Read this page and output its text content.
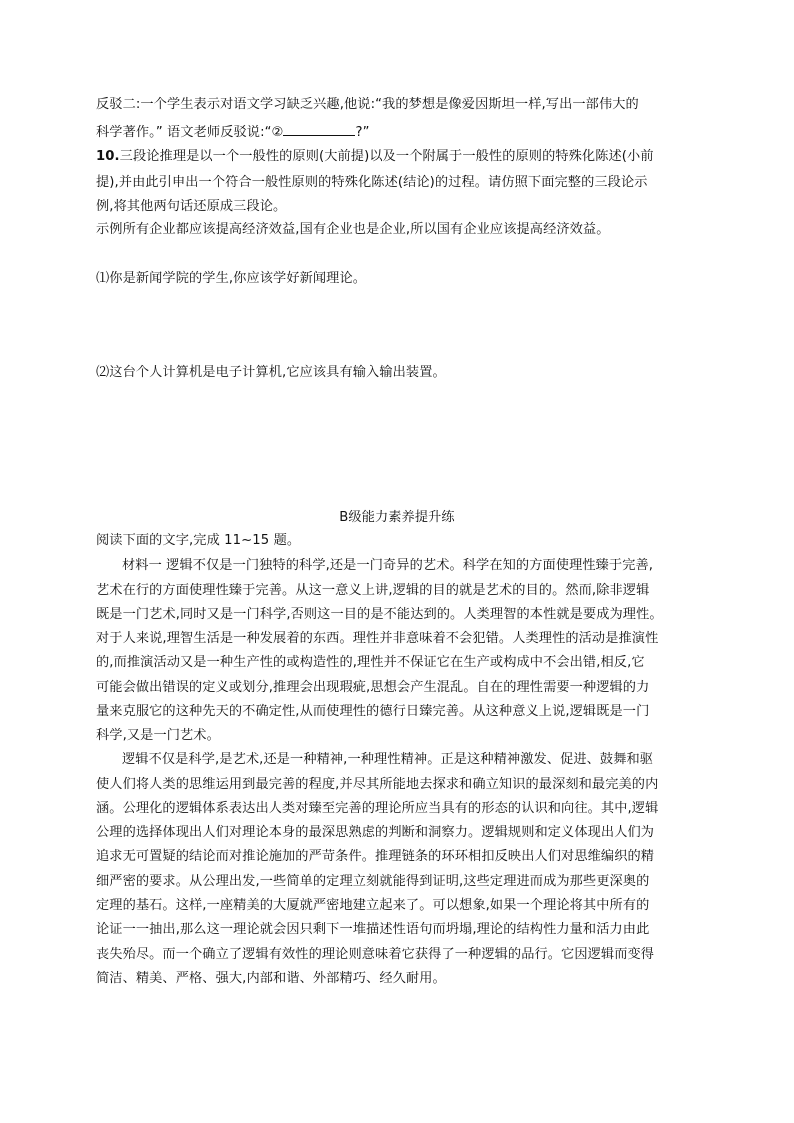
反驳二:一个学生表示对语文学习缺乏兴趣,他说:“我的梦想是像爱因斯坦一样,写出一部伟大的
科学著作。” 语文老师反驳说:“②	?”
10.三段论推理是以一个一般性的原则(大前提)以及一个附属于一般性的原则的特殊化陈述(小前
提),并由此引申出一个符合一般性原则的特殊化陈述(结论)的过程。请仿照下面完整的三段论示
例,将其他两句话还原成三段论。
示例所有企业都应该提高经济效益,国有企业也是企业,所以国有企业应该提高经济效益。
⑴你是新闻学院的学生,你应该学好新闻理论。
⑵这台个人计算机是电子计算机,它应该具有输入输出装置。
B级能力素养提升练
阅读下面的文字,完成 11~15 题。
材料一 逻辑不仅是一门独特的科学,还是一门奇异的艺术。科学在知的方面使理性臻于完善,
艺术在行的方面使理性臻于完善。从这一意义上讲,逻辑的目的就是艺术的目的。然而,除非逻辑
既是一门艺术,同时又是一门科学,否则这一目的是不能达到的。人类理智的本性就是要成为理性。
对于人来说,理智生活是一种发展着的东西。理性并非意味着不会犯错。人类理性的活动是推演性
的,而推演活动又是一种生产性的或构造性的,理性并不保证它在生产或构成中不会出错,相反,它
可能会做出错误的定义或划分,推理会出现瑕疵,思想会产生混乱。自在的理性需要一种逻辑的力
量来克服它的这种先天的不确定性,从而使理性的德行日臻完善。从这种意义上说,逻辑既是一门
科学,又是一门艺术。
逻辑不仅是科学,是艺术,还是一种精神,一种理性精神。正是这种精神激发、促进、鼓舞和驱
使人们将人类的思维运用到最完善的程度,并尽其所能地去探求和确立知识的最深刻和最完美的内
涵。公理化的逻辑体系表达出人类对臻至完善的理论所应当具有的形态的认识和向往。其中,逻辑
公理的选择体现出人们对理论本身的最深思熟虑的判断和洞察力。逻辑规则和定义体现出人们为
追求无可置疑的结论而对推论施加的严苛条件。推理链条的环环相扣反映出人们对思维编织的精
细严密的要求。从公理出发,一些简单的定理立刻就能得到证明,这些定理进而成为那些更深奥的
定理的基石。这样,一座精美的大厦就严密地建立起来了。可以想象,如果一个理论将其中所有的
论证一一抽出,那么这一理论就会因只剩下一堆描述性语句而坍塌,理论的结构性力量和活力由此
丧失殆尽。而一个确立了逻辑有效性的理论则意味着它获得了一种逻辑的品行。它因逻辑而变得
简洁、精美、严格、强大,内部和谐、外部精巧、经久耐用。
